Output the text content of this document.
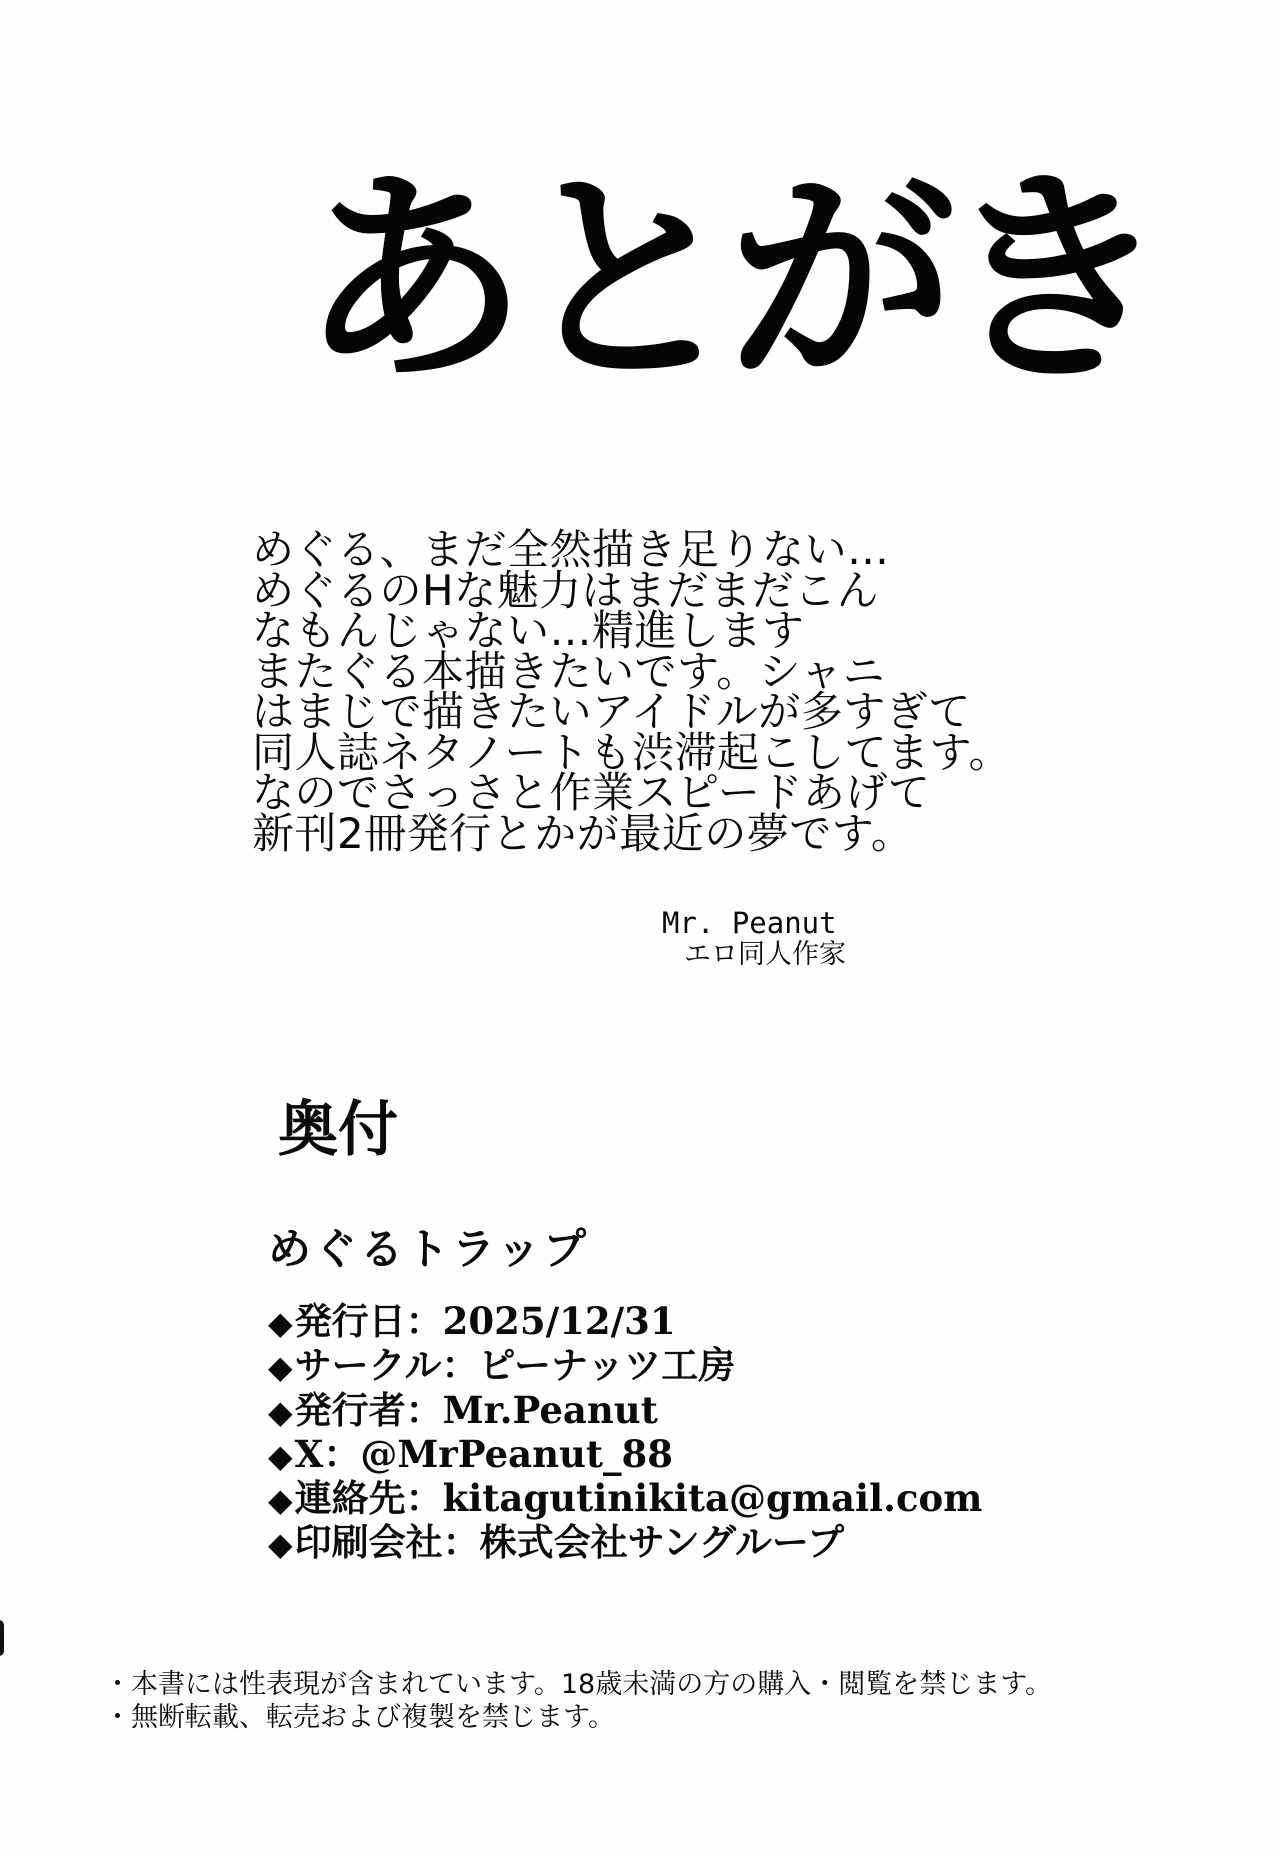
あとがき
めぐる、まだ全然描き足りない…
めぐるのHな魅力はまだまだこん
なもんじゃない…精進します
またぐる本描きたいです。シャニ
はまじで描きたいアイドルが多すぎて
同人誌ネタノートも渋滞起こしてます。
なのでさっさと作業スピードあげて
新刊2冊発行とかが最近の夢です。
Mr. Peanut
エロ同人作家
奥付
めぐるトラップ
◆発行日：2025/12/31
◆サークル：ピーナッツ工房
◆発行者：Mr.Peanut
◆X：@MrPeanut_88
◆連絡先：kitagutinikita@gmail.com
◆印刷会社：株式会社サングループ
・本書には性表現が含まれています。18歳未満の方の購入・閲覧を禁じます。
・無断転載、転売および複製を禁じます。
